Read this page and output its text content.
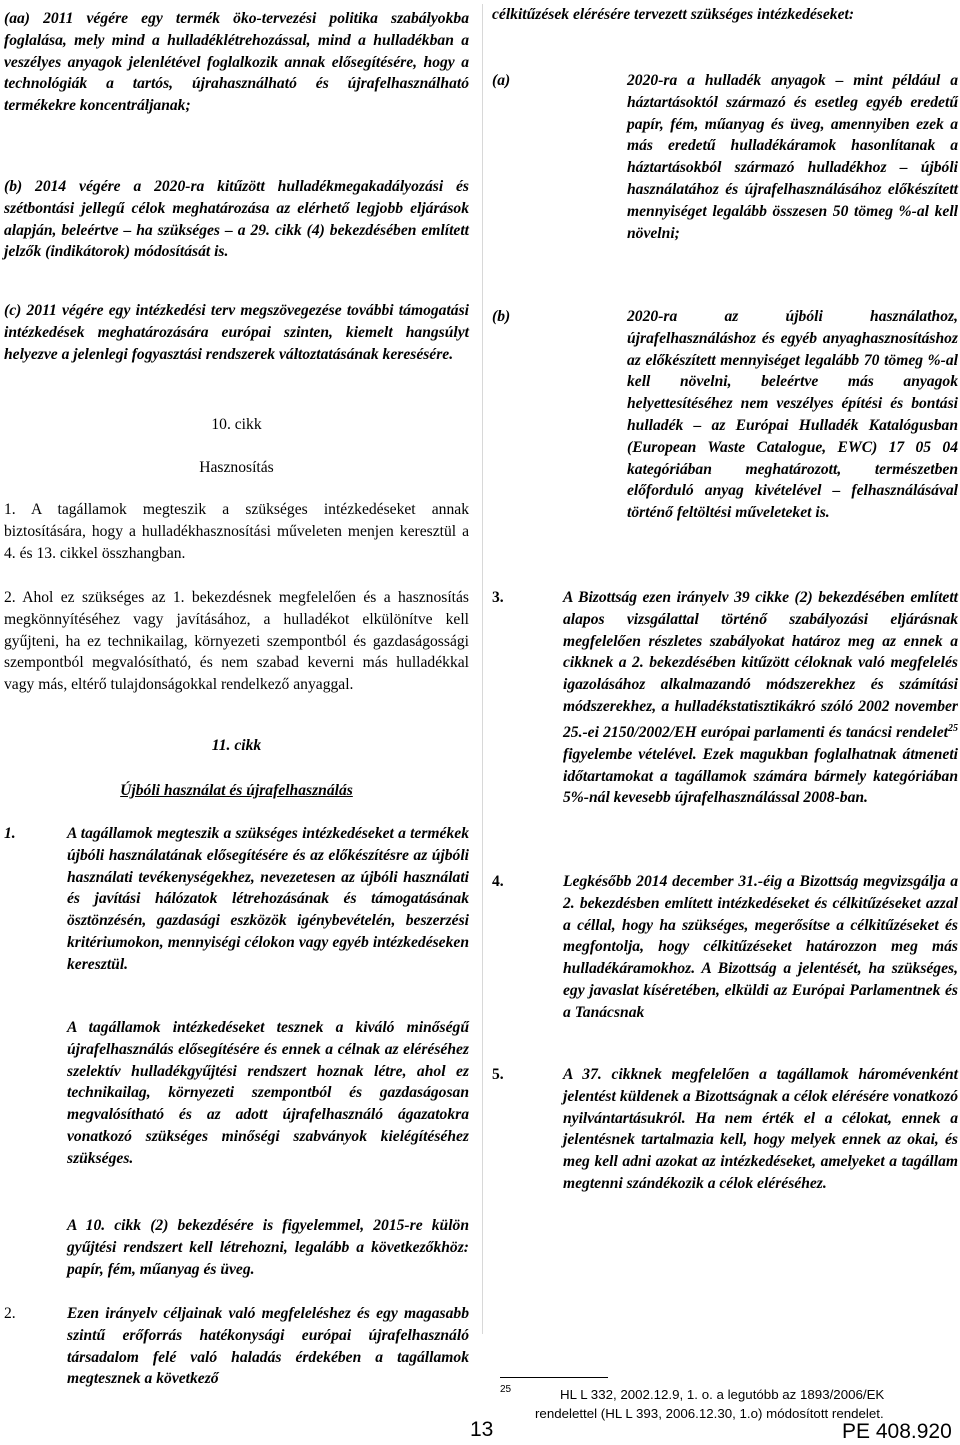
(aa) 2011 végére egy termék öko-tervezési politika szabályokba foglalása, mely mind a hulladéklétrehozással, mind a hulladékban a veszélyes anyagok jelenlétével foglalkozik annak elősegítésére, hogy a technológiák a tartós, újrahasználható és újrafelhasználható termékekre koncentráljanak;
(b) 2014 végére a 2020-ra kitűzött hulladékmegakadályozási és szétbontási jellegű célok meghatározása az elérhető legjobb eljárások alapján, beleértve ‒ ha szükséges ‒ a 29. cikk (4) bekezdésében említett jelzők (indikátorok) módosítását is.
(c) 2011 végére egy intézkedési terv megszövegezése további támogatási intézkedések meghatározására európai szinten, kiemelt hangsúlyt helyezve a jelenlegi fogyasztási rendszerek változtatásának keresésére.
10. cikk
Hasznosítás
1. A tagállamok megteszik a szükséges intézkedéseket annak biztosítására, hogy a hulladékhasznosítási műveleten menjen keresztül a 4. és 13. cikkel összhangban.
2. Ahol ez szükséges az 1. bekezdésnek megfelelően és a hasznosítás megkönnyítéséhez vagy javításához, a hulladékot elkülönítve kell gyűjteni, ha ez technikailag, környezeti szempontból és gazdaságossági szempontból megvalósítható, és nem szabad keverni más hulladékkal vagy más, eltérő tulajdonságokkal rendelkező anyaggal.
11. cikk
Újbóli használat és újrafelhasználás
1.	A tagállamok megteszik a szükséges intézkedéseket a termékek újbóli használatának elősegítésére és az előkészítésre az újbóli használati tevékenységekhez, nevezetesen az újbóli használati és javítási hálózatok létrehozásának és támogatásának ösztönzésén, gazdasági eszközök igénybevételén, beszerzési kritériumokon, mennyiségi célokon vagy egyéb intézkedéseken keresztül.
A tagállamok intézkedéseket tesznek a kiváló minőségű újrafelhasználás elősegítésére és ennek a célnak az eléréséhez szelektív hulladékgyűjtési rendszert hoznak létre, ahol ez technikailag, környezeti szempontból és gazdaságosan megvalósítható és az adott újrafelhasználó ágazatokra vonatkozó szükséges minőségi szabványok kielégítéséhez szükséges.
A 10. cikk (2) bekezdésére is figyelemmel, 2015-re külön gyűjtési rendszert kell létrehozni, legalább a következőkhöz: papír, fém, műanyag és üveg.
2.	Ezen irányelv céljainak való megfeleléshez és egy magasabb szintű erőforrás hatékonysági európai újrafelhasználó társadalom felé való haladás érdekében a tagállamok megtesznek a következő
célkitűzések elérésére tervezett szükséges intézkedéseket:
(a)	2020-ra a hulladék anyagok ‒ mint például a háztartásoktól származó és esetleg egyéb eredetű papír, fém, műanyag és üveg, amennyiben ezek a más eredetű hulladékáramok hasonlítanak a háztartásokból származó hulladékhoz ‒ újbóli használatához és újrafelhasználásához előkészített mennyiséget legalább összesen 50 tömeg %-al kell növelni;
(b)	2020-ra az újbóli használathoz, újrafelhasználáshoz és egyéb anyaghasznosításhoz az előkészített mennyiséget legalább 70 tömeg %-al kell növelni, beleértve más anyagok helyettesítéséhez nem veszélyes építési és bontási hulladék – az Európai Hulladék Katalógusban (European Waste Catalogue, EWC) 17 05 04 kategóriában meghatározott, természetben előforduló anyag kivételével – felhasználásával történő feltöltési műveleteket is.
3.	A Bizottság ezen irányelv 39 cikke (2) bekezdésében említett alapos vizsgálattal történő szabályozási eljárásnak megfelelően részletes szabályokat határoz meg az ennek a cikknek a 2. bekezdésében kitűzött céloknak való megfelelés igazolásához alkalmazandó módszerekhez és számítási módszerekhez, a hulladékstatisztikákró szóló 2002 november 25.-ei 2150/2002/EH európai parlamenti és tanácsi rendelet$^{25}$ figyelembe vételével. Ezek magukban foglalhatnak átmeneti időtartamokat a tagállamok számára bármely kategóriában 5%-nál kevesebb újrafelhasználással 2008-ban.
4.	Legkésőbb 2014 december 31.-éig a Bizottság megvizsgálja a 2. bekezdésben említett intézkedéseket és célkitűzéseket azzal a céllal, hogy ha szükséges, megerősítse a célkitűzéseket és megfontolja, hogy célkitűzéseket határozzon meg más hulladékáramokhoz. A Bizottság a jelentését, ha szükséges, egy javaslat kíséretében, elküldi az Európai Parlamentnek és a Tanácsnak
5.	A 37. cikknek megfelelően a tagállamok háromévenként jelentést küldenek a Bizottságnak a célok elérésére vonatkozó nyilvántartásukról. Ha nem érték el a célokat, ennek a jelentésnek tartalmazia kell, hogy melyek ennek az okai, és meg kell adni azokat az intézkedéseket, amelyeket a tagállam megtenni szándékozik a célok eléréséhez.
25	HL L 332, 2002.12.9, 1. o. a legutóbb az 1893/2006/EK
rendelettel (HL L 393, 2006.12.30, 1.o) módosított rendelet.
13	PE 408.920
